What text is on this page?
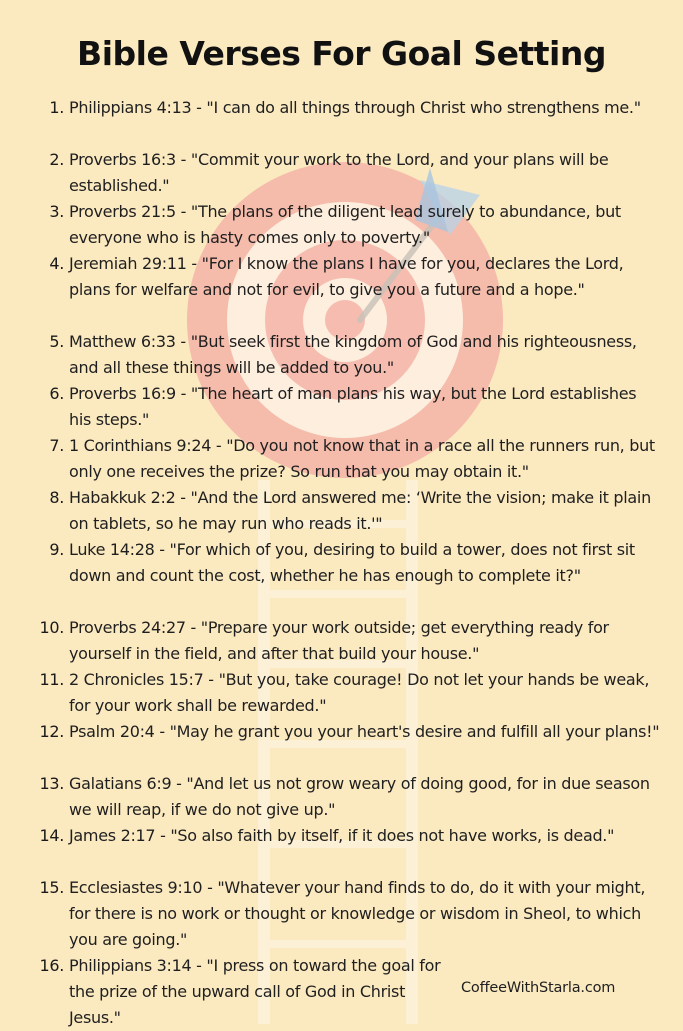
Bible Verses For Goal Setting
1. Philippians 4:13 - "I can do all things through Christ who strengthens me."
2. Proverbs 16:3 - "Commit your work to the Lord, and your plans will be established."
3. Proverbs 21:5 - "The plans of the diligent lead surely to abundance, but everyone who is hasty comes only to poverty."
4. Jeremiah 29:11 - "For I know the plans I have for you, declares the Lord, plans for welfare and not for evil, to give you a future and a hope."
5. Matthew 6:33 - "But seek first the kingdom of God and his righteousness, and all these things will be added to you."
6. Proverbs 16:9 - "The heart of man plans his way, but the Lord establishes his steps."
7. 1 Corinthians 9:24 - "Do you not know that in a race all the runners run, but only one receives the prize? So run that you may obtain it."
8. Habakkuk 2:2 - "And the Lord answered me: ‘Write the vision; make it plain on tablets, so he may run who reads it.'"
9. Luke 14:28 - "For which of you, desiring to build a tower, does not first sit down and count the cost, whether he has enough to complete it?"
10. Proverbs 24:27 - "Prepare your work outside; get everything ready for yourself in the field, and after that build your house."
11. 2 Chronicles 15:7 - "But you, take courage! Do not let your hands be weak, for your work shall be rewarded."
12. Psalm 20:4 - "May he grant you your heart's desire and fulfill all your plans!"
13. Galatians 6:9 - "And let us not grow weary of doing good, for in due season we will reap, if we do not give up."
14. James 2:17 - "So also faith by itself, if it does not have works, is dead."
15. Ecclesiastes 9:10 - "Whatever your hand finds to do, do it with your might, for there is no work or thought or knowledge or wisdom in Sheol, to which you are going."
16. Philippians 3:14 - "I press on toward the goal for the prize of the upward call of God in Christ Jesus."
CoffeeWithStarla.com
